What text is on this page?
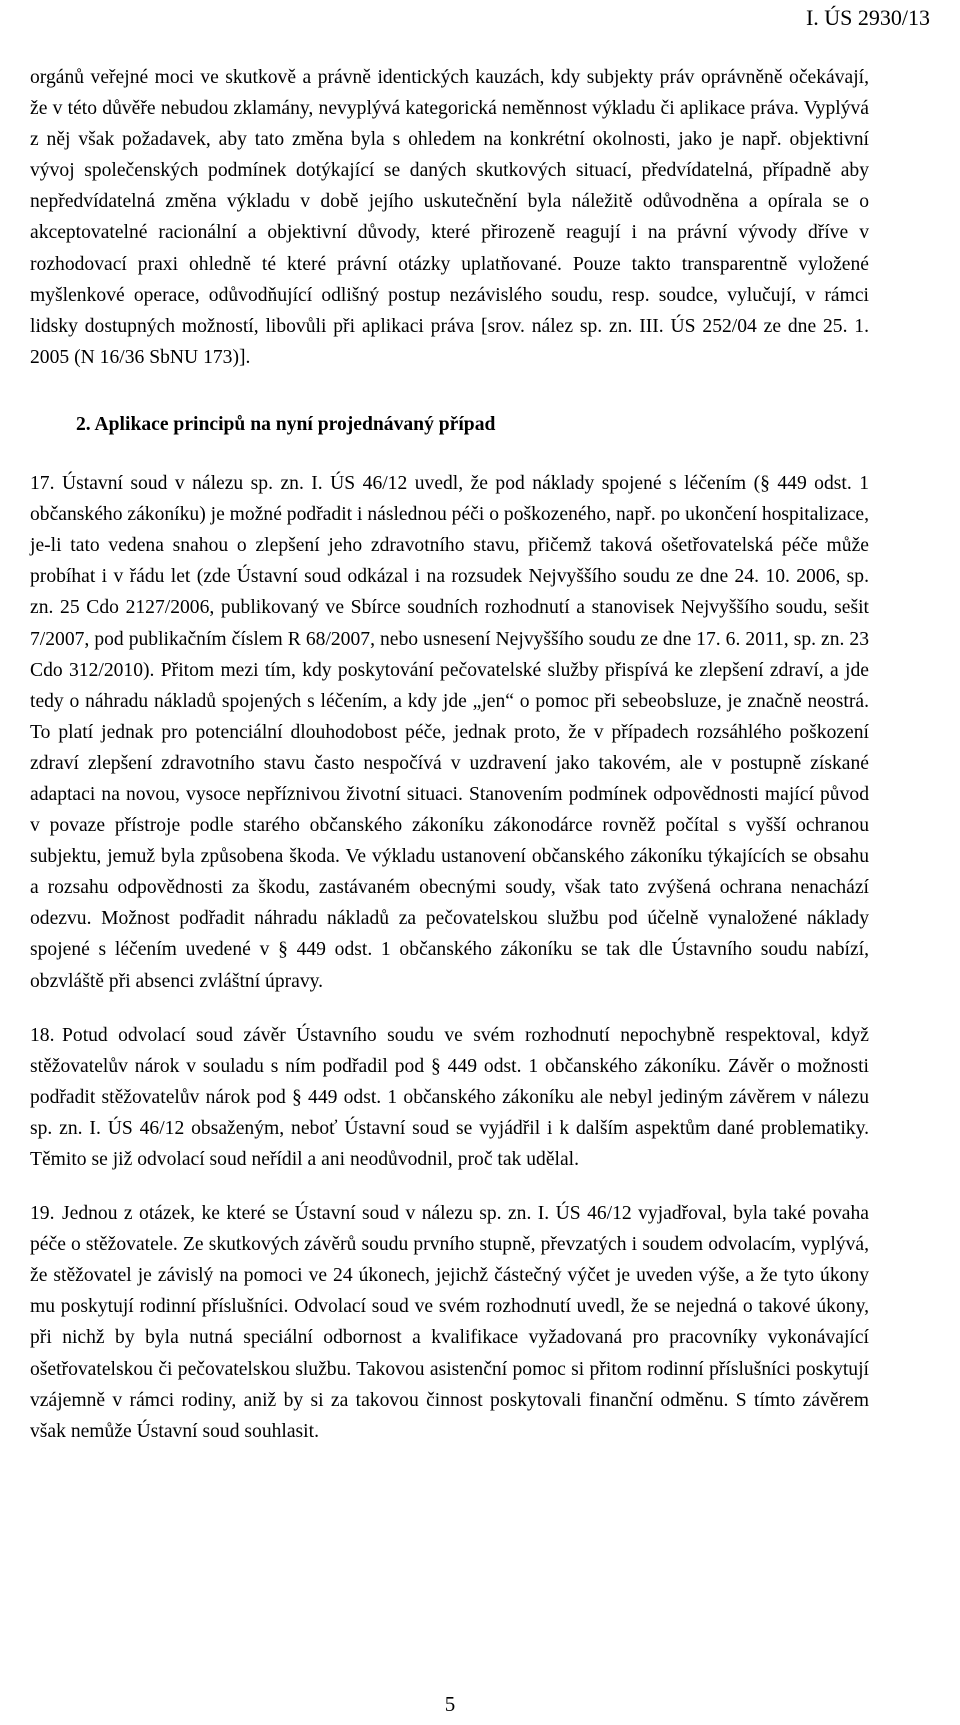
I. ÚS 2930/13

orgánů veřejné moci ve skutkově a právně identických kauzách, kdy subjekty práv oprávněně očekávají, že v této důvěře nebudou zklamány, nevyplývá kategorická neměnnost výkladu či aplikace práva. Vyplývá z něj však požadavek, aby tato změna byla s ohledem na konkrétní okolnosti, jako je např. objektivní vývoj společenských podmínek dotýkající se daných skutkových situací, předvídatelná, případně aby nepředvídatelná změna výkladu v době jejího uskutečnění byla náležitě odůvodněna a opírala se o akceptovatelné racionální a objektivní důvody, které přirozeně reagují i na právní vývody dříve v rozhodovací praxi ohledně té které právní otázky uplatňované. Pouze takto transparentně vyložené myšlenkové operace, odůvodňující odlišný postup nezávislého soudu, resp. soudce, vylučují, v rámci lidsky dostupných možností, libovůli při aplikaci práva [srov. nález sp. zn. III. ÚS 252/04 ze dne 25. 1. 2005 (N 16/36 SbNU 173)].

2. Aplikace principů na nyní projednávaný případ

17. Ústavní soud v nálezu sp. zn. I. ÚS 46/12 uvedl, že pod náklady spojené s léčením (§ 449 odst. 1 občanského zákoníku) je možné podřadit i následnou péči o poškozeného, např. po ukončení hospitalizace, je-li tato vedena snahou o zlepšení jeho zdravotního stavu, přičemž taková ošetřovatelská péče může probíhat i v řádu let (zde Ústavní soud odkázal i na rozsudek Nejvyššího soudu ze dne 24. 10. 2006, sp. zn. 25 Cdo 2127/2006, publikovaný ve Sbírce soudních rozhodnutí a stanovisek Nejvyššího soudu, sešit 7/2007, pod publikačním číslem R 68/2007, nebo usnesení Nejvyššího soudu ze dne 17. 6. 2011, sp. zn. 23 Cdo 312/2010). Přitom mezi tím, kdy poskytování pečovatelské služby přispívá ke zlepšení zdraví, a jde tedy o náhradu nákladů spojených s léčením, a kdy jde „jen“ o pomoc při sebeobsluze, je značně neostrá. To platí jednak pro potenciální dlouhodobost péče, jednak proto, že v případech rozsáhlého poškození zdraví zlepšení zdravotního stavu často nespočívá v uzdravení jako takovém, ale v postupně získané adaptaci na novou, vysoce nepříznivou životní situaci. Stanovením podmínek odpovědnosti mající původ v povaze přístroje podle starého občanského zákoníku zákonodárce rovněž počítal s vyšší ochranou subjektu, jemuž byla způsobena škoda. Ve výkladu ustanovení občanského zákoníku týkajících se obsahu a rozsahu odpovědnosti za škodu, zastávaném obecnými soudy, však tato zvýšená ochrana nenachází odezvu. Možnost podřadit náhradu nákladů za pečovatelskou službu pod účelně vynaložené náklady spojené s léčením uvedené v § 449 odst. 1 občanského zákoníku se tak dle Ústavního soudu nabízí, obzvláště při absenci zvláštní úpravy.

18. Potud odvolací soud závěr Ústavního soudu ve svém rozhodnutí nepochybně respektoval, když stěžovatelův nárok v souladu s ním podřadil pod § 449 odst. 1 občanského zákoníku. Závěr o možnosti podřadit stěžovatelův nárok pod § 449 odst. 1 občanského zákoníku ale nebyl jediným závěrem v nálezu sp. zn. I. ÚS 46/12 obsaženým, neboť Ústavní soud se vyjádřil i k dalším aspektům dané problematiky. Těmito se již odvolací soud neřídil a ani neodůvodnil, proč tak udělal.

19. Jednou z otázek, ke které se Ústavní soud v nálezu sp. zn. I. ÚS 46/12 vyjadřoval, byla také povaha péče o stěžovatele. Ze skutkových závěrů soudu prvního stupně, převzatých i soudem odvolacím, vyplývá, že stěžovatel je závislý na pomoci ve 24 úkonech, jejichž částečný výčet je uveden výše, a že tyto úkony mu poskytují rodinní příslušníci. Odvolací soud ve svém rozhodnutí uvedl, že se nejedná o takové úkony, při nichž by byla nutná speciální odbornost a kvalifikace vyžadovaná pro pracovníky vykonávající ošetřovatelskou či pečovatelskou službu. Takovou asistenční pomoc si přitom rodinní příslušníci poskytují vzájemně v rámci rodiny, aniž by si za takovou činnost poskytovali finanční odměnu. S tímto závěrem však nemůže Ústavní soud souhlasit.

5
